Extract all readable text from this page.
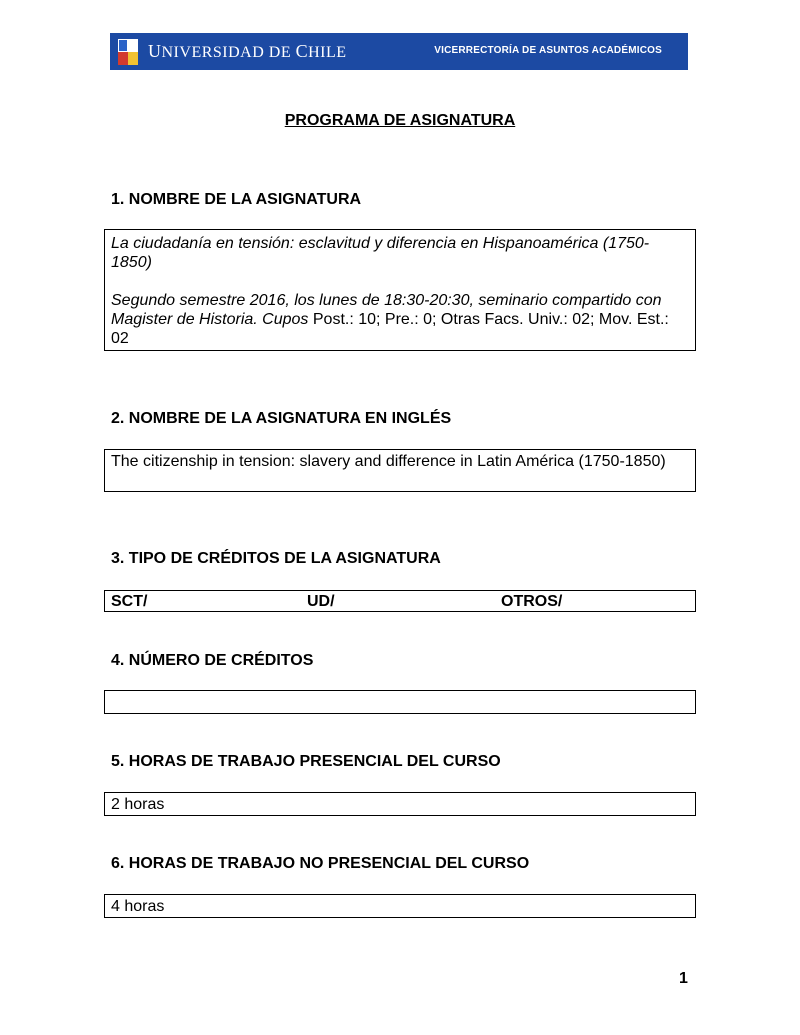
UNIVERSIDAD DE CHILE	VICERRECTORÍA DE ASUNTOS ACADÉMICOS
PROGRAMA DE ASIGNATURA
1. NOMBRE DE LA ASIGNATURA

La ciudadanía en tensión: esclavitud y diferencia en Hispanoamérica (1750-1850)

Segundo semestre 2016, los lunes de 18:30-20:30, seminario compartido con Magister de Historia. Cupos Post.: 10; Pre.: 0; Otras Facs. Univ.: 02; Mov. Est.: 02

2. NOMBRE DE LA ASIGNATURA EN INGLÉS

The citizenship in tension: slavery and difference in Latin América (1750-1850)

3. TIPO DE CRÉDITOS DE LA ASIGNATURA
SCT/	UD/	OTROS/
4. NÚMERO DE CRÉDITOS

5. HORAS DE TRABAJO PRESENCIAL DEL CURSO

2 horas

6. HORAS DE TRABAJO NO PRESENCIAL DEL CURSO

4 horas

1
